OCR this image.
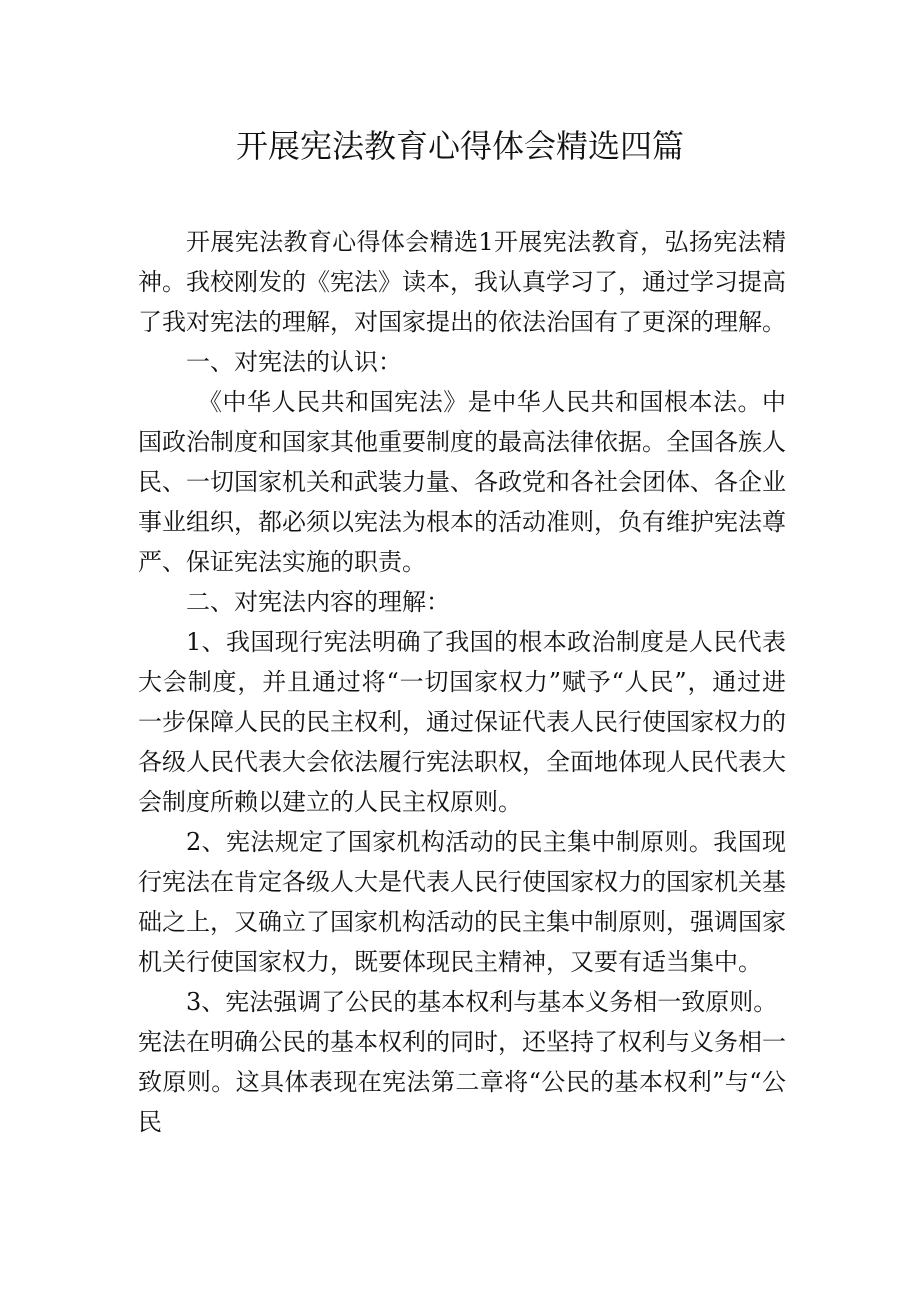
开展宪法教育心得体会精选四篇

开展宪法教育心得体会精选1开展宪法教育，弘扬宪法精神。我校刚发的《宪法》读本，我认真学习了，通过学习提高了我对宪法的理解，对国家提出的依法治国有了更深的理解。

一、对宪法的认识：

《中华人民共和国宪法》是中华人民共和国根本法。中国政治制度和国家其他重要制度的最高法律依据。全国各族人民、一切国家机关和武装力量、各政党和各社会团体、各企业事业组织，都必须以宪法为根本的活动准则，负有维护宪法尊严、保证宪法实施的职责。

二、对宪法内容的理解：

1、我国现行宪法明确了我国的根本政治制度是人民代表大会制度，并且通过将“一切国家权力”赋予“人民”，通过进一步保障人民的民主权利，通过保证代表人民行使国家权力的各级人民代表大会依法履行宪法职权，全面地体现人民代表大会制度所赖以建立的人民主权原则。

2、宪法规定了国家机构活动的民主集中制原则。我国现行宪法在肯定各级人大是代表人民行使国家权力的国家机关基础之上，又确立了国家机构活动的民主集中制原则，强调国家机关行使国家权力，既要体现民主精神，又要有适当集中。

3、宪法强调了公民的基本权利与基本义务相一致原则。

宪法在明确公民的基本权利的同时，还坚持了权利与义务相一致原则。这具体表现在宪法第二章将“公民的基本权利”与“公民
